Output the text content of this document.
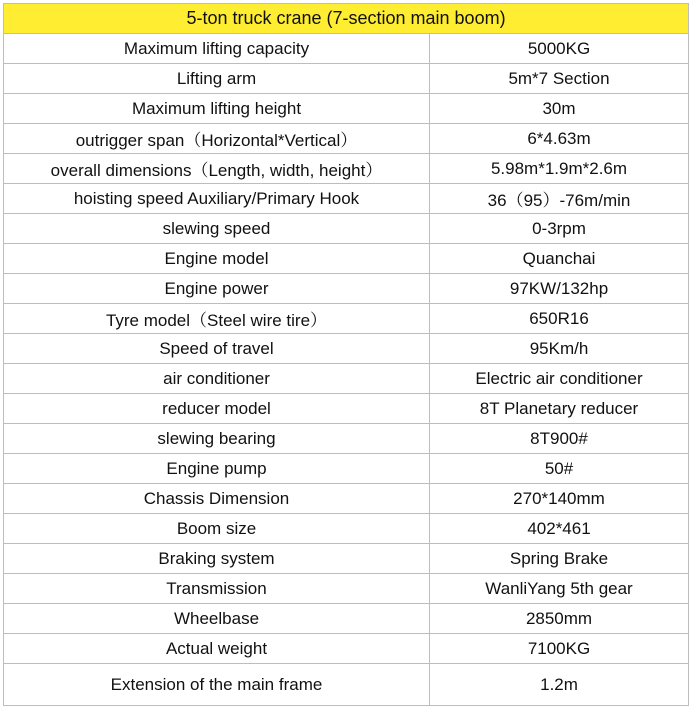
5-ton truck crane (7-section main boom)	
Maximum lifting capacity	5000KG
Lifting arm	5m*7 Section
Maximum lifting height	30m
outrigger span（Horizontal*Vertical）	6*4.63m
overall dimensions（Length, width, height）	5.98m*1.9m*2.6m
hoisting speed Auxiliary/Primary Hook	36（95）-76m/min
slewing speed	0-3rpm
Engine model	Quanchai
Engine power	97KW/132hp
Tyre model（Steel wire tire）	650R16
Speed of travel	95Km/h
air conditioner	Electric air conditioner
reducer model	8T Planetary reducer
slewing bearing	8T900#
Engine pump	50#
Chassis Dimension	270*140mm
Boom size	402*461
Braking system	Spring Brake
Transmission	WanliYang 5th gear
Wheelbase	2850mm
Actual weight	7100KG
Extension of the main frame	1.2m
